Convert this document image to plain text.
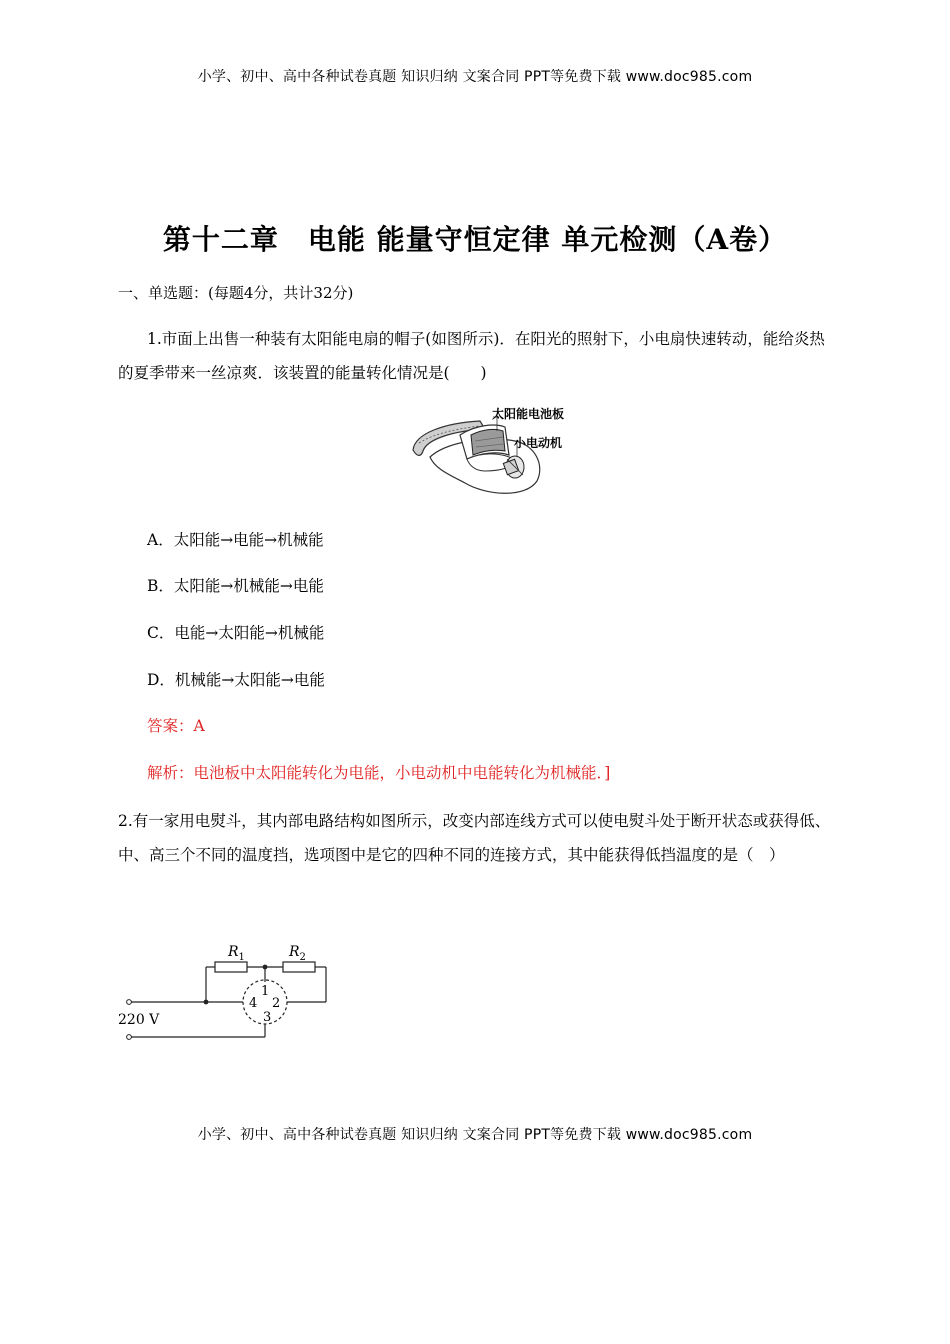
小学、初中、高中各种试卷真题 知识归纳 文案合同 PPT等免费下载 www.doc985.com
第十二章　电能 能量守恒定律 单元检测（A卷）
一、单选题：(每题4分，共计32分)
1.市面上出售一种装有太阳能电扇的帽子(如图所示)．在阳光的照射下，小电扇快速转动，能给炎热的夏季带来一丝凉爽．该装置的能量转化情况是(　　)
太阳能电池板
小电动机
A．太阳能→电能→机械能
B．太阳能→机械能→电能
C．电能→太阳能→机械能
D．机械能→太阳能→电能
答案：A
解析：电池板中太阳能转化为电能，小电动机中电能转化为机械能．]
2.有一家用电熨斗，其内部电路结构如图所示，改变内部连线方式可以使电熨斗处于断开状态或获得低、中、高三个不同的温度挡，选项图中是它的四种不同的连接方式，其中能获得低挡温度的是（　）
$R_1$	$R_2$
1
2
3
4
220 V
小学、初中、高中各种试卷真题 知识归纳 文案合同 PPT等免费下载 www.doc985.com
